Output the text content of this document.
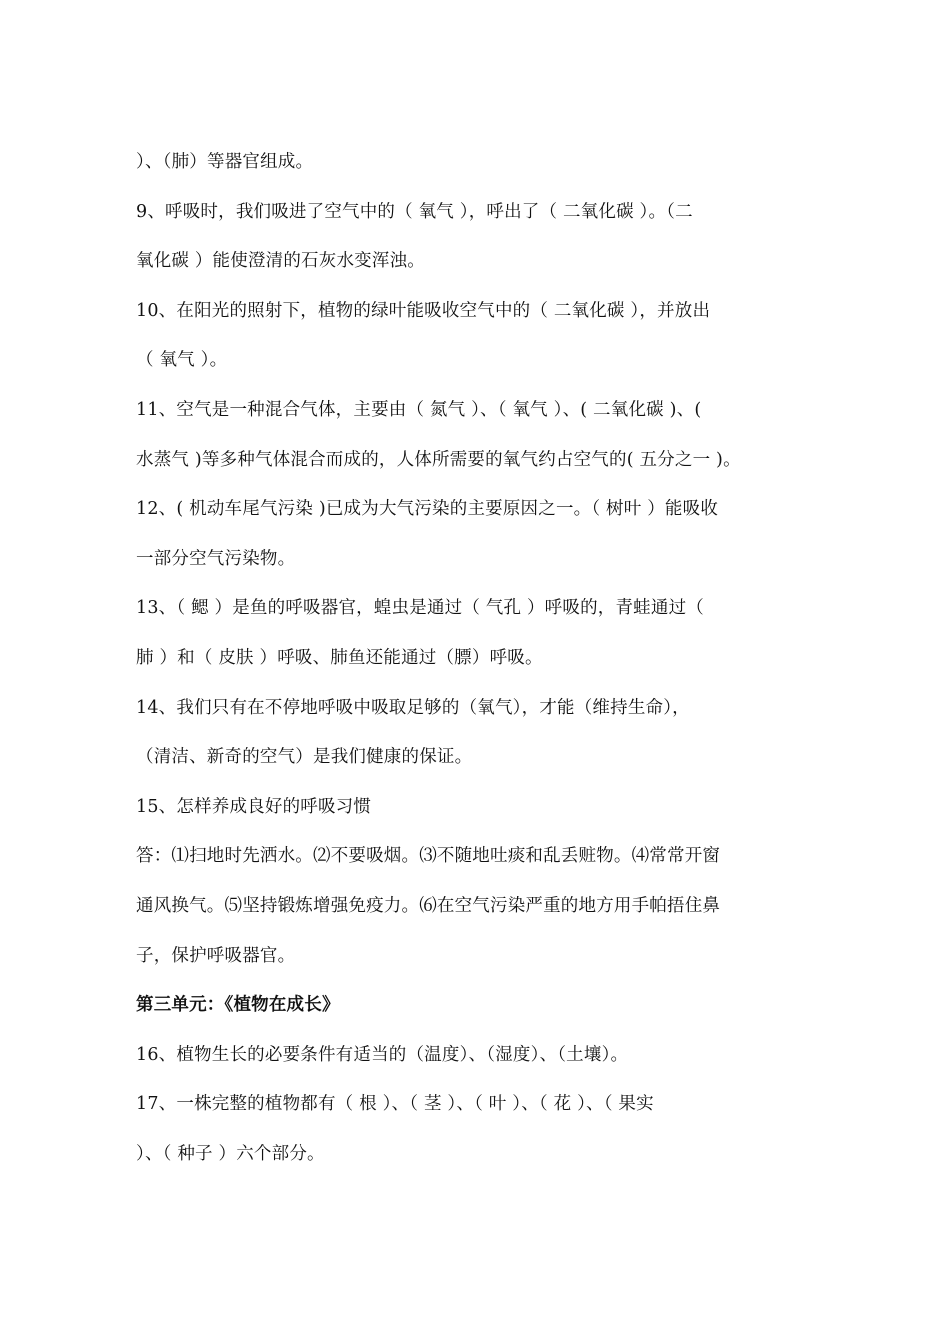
）、（肺）等器官组成。
9、呼吸时，我们吸进了空气中的（ 氧气 ），呼出了（ 二氧化碳 ）。（二
氧化碳 ）能使澄清的石灰水变浑浊。
10、在阳光的照射下，植物的绿叶能吸收空气中的（ 二氧化碳 ），并放出
（ 氧气 ）。
11、空气是一种混合气体，主要由（ 氮气 ）、（ 氧气 ）、( 二氧化碳 )、(
水蒸气 )等多种气体混合而成的，人体所需要的氧气约占空气的( 五分之一 )。
12、( 机动车尾气污染 )已成为大气污染的主要原因之一。（ 树叶 ）能吸收
一部分空气污染物。
13、（ 鳃 ）是鱼的呼吸器官，蝗虫是通过（ 气孔 ）呼吸的，青蛙通过（
肺 ）和（ 皮肤 ）呼吸、肺鱼还能通过（膘）呼吸。
14、我们只有在不停地呼吸中吸取足够的（氧气），才能（维持生命），
（清洁、新奇的空气）是我们健康的保证。
15、怎样养成良好的呼吸习惯
答：⑴扫地时先洒水。⑵不要吸烟。⑶不随地吐痰和乱丢赃物。⑷常常开窗
通风换气。⑸坚持锻炼增强免疫力。⑹在空气污染严重的地方用手帕捂住鼻
子，保护呼吸器官。
第三单元：《植物在成长》
16、植物生长的必要条件有适当的（温度）、（湿度）、（土壤）。
17、一株完整的植物都有（ 根 ）、（ 茎 ）、（ 叶 ）、（ 花 ）、（ 果实
）、（ 种子 ）六个部分。
